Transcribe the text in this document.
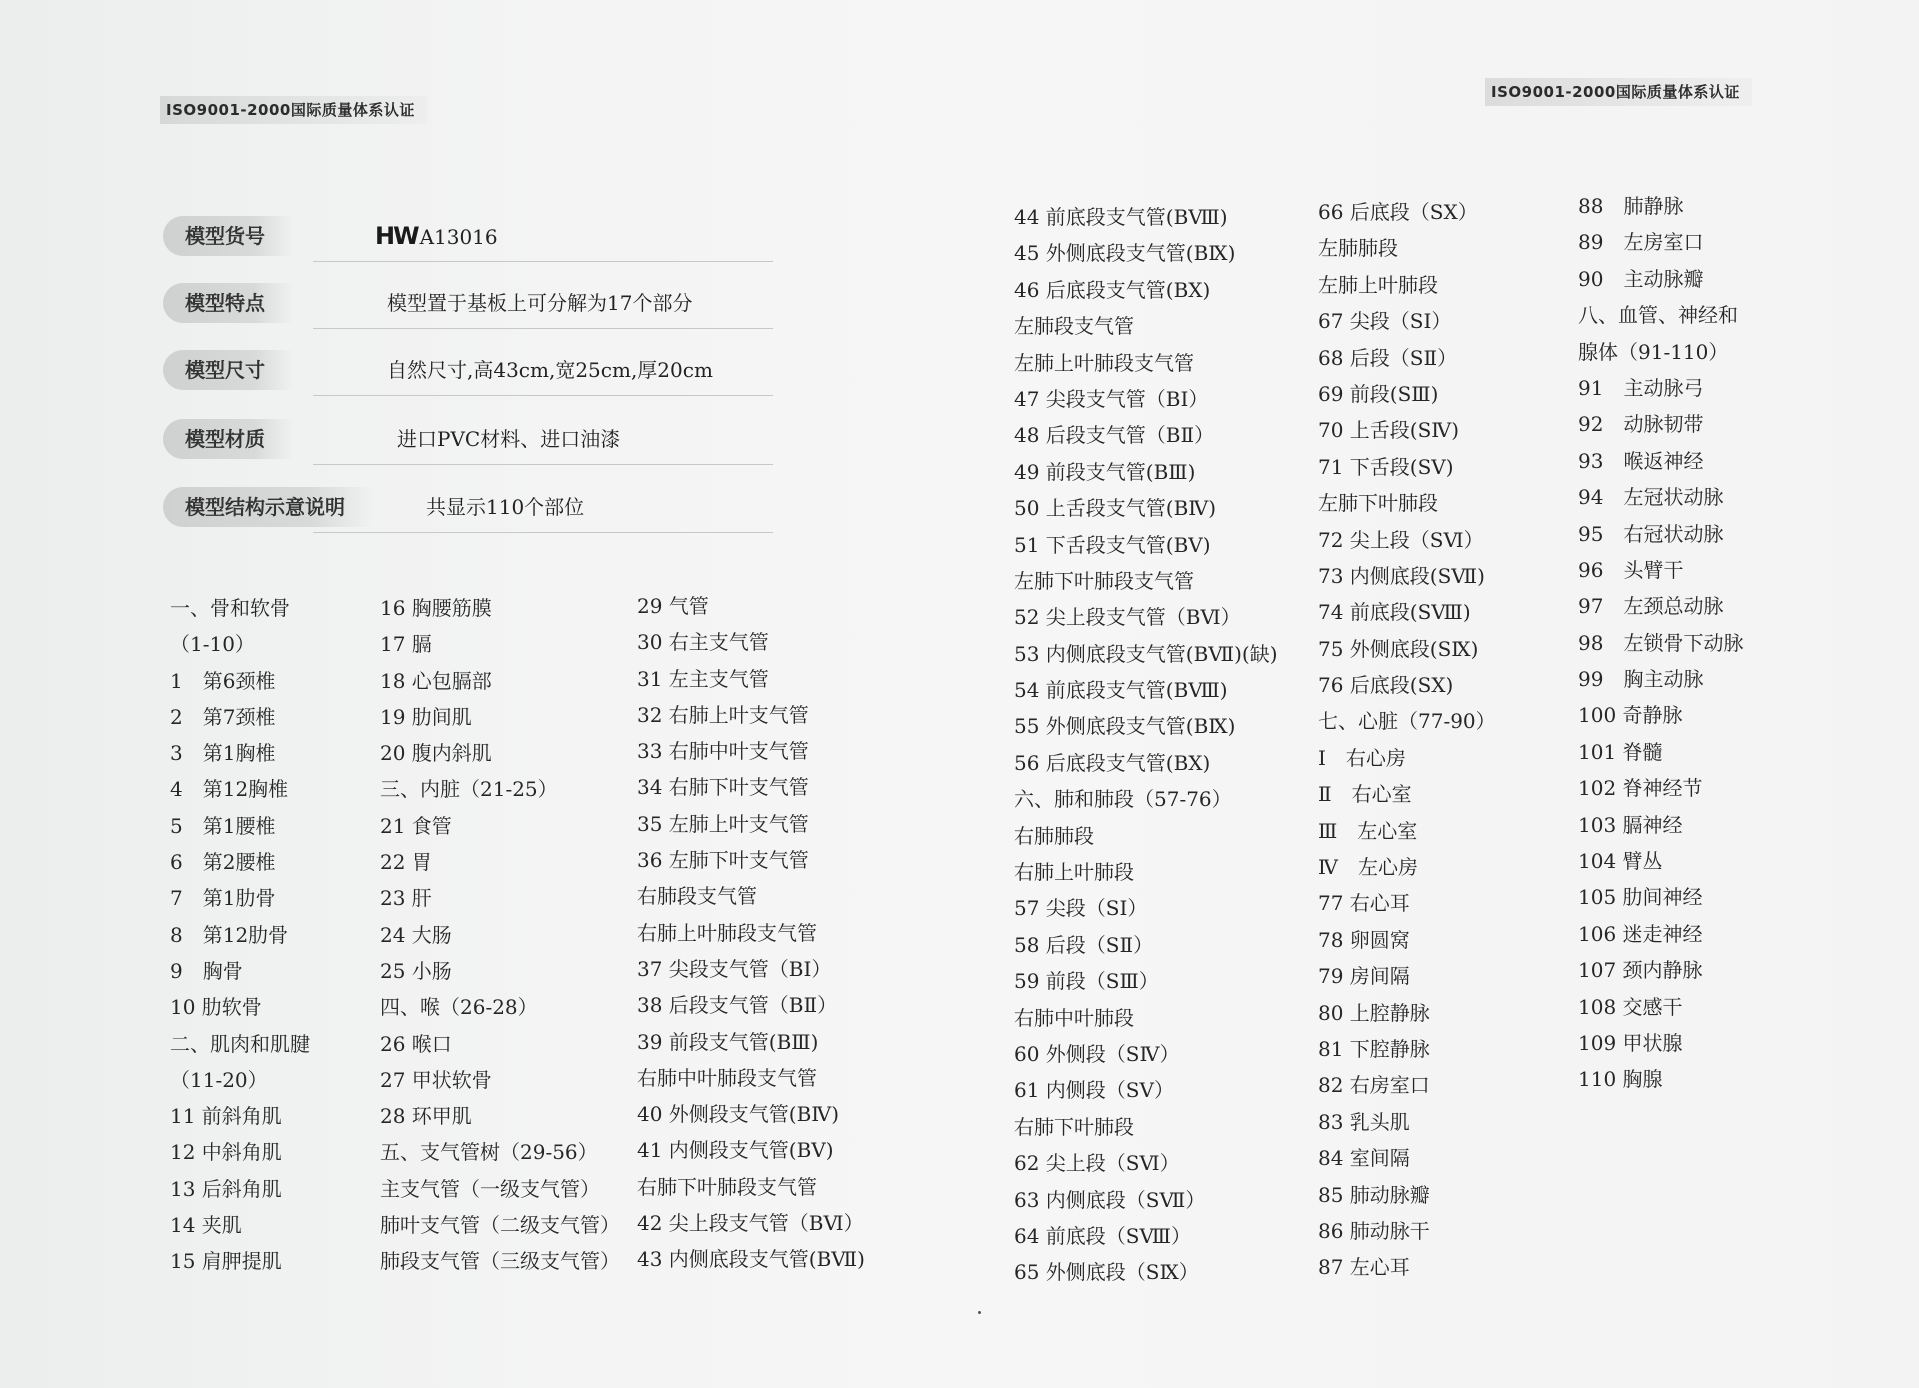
ISO9001-2000国际质量体系认证
ISO9001-2000国际质量体系认证
模型货号	HW A13016
模型特点	模型置于基板上可分解为17个部分
模型尺寸	自然尺寸,高43cm,宽25cm,厚20cm
模型材质	进口PVC材料、进口油漆
模型结构示意说明	共显示110个部位
一、骨和软骨
（1-10）
1　第6颈椎
2　第7颈椎
3　第1胸椎
4　第12胸椎
5　第1腰椎
6　第2腰椎
7　第1肋骨
8　第12肋骨
9　胸骨
10 肋软骨
二、肌肉和肌腱
（11-20）
11 前斜角肌
12 中斜角肌
13 后斜角肌
14 夹肌
15 肩胛提肌
16 胸腰筋膜
17 膈
18 心包膈部
19 肋间肌
20 腹内斜肌
三、内脏（21-25）
21 食管
22 胃
23 肝
24 大肠
25 小肠
四、喉（26-28）
26 喉口
27 甲状软骨
28 环甲肌
五、支气管树（29-56）
主支气管（一级支气管）
肺叶支气管（二级支气管）
肺段支气管（三级支气管）
29 气管
30 右主支气管
31 左主支气管
32 右肺上叶支气管
33 右肺中叶支气管
34 右肺下叶支气管
35 左肺上叶支气管
36 左肺下叶支气管
右肺段支气管
右肺上叶肺段支气管
37 尖段支气管（BⅠ）
38 后段支气管（BⅡ）
39 前段支气管(BⅢ)
右肺中叶肺段支气管
40 外侧段支气管(BⅣ)
41 内侧段支气管(BⅤ)
右肺下叶肺段支气管
42 尖上段支气管（BⅥ）
43 内侧底段支气管(BⅦ)
44 前底段支气管(BⅧ)
45 外侧底段支气管(BⅨ)
46 后底段支气管(BⅩ)
左肺段支气管
左肺上叶肺段支气管
47 尖段支气管（BⅠ）
48 后段支气管（BⅡ）
49 前段支气管(BⅢ)
50 上舌段支气管(BⅣ)
51 下舌段支气管(BⅤ)
左肺下叶肺段支气管
52 尖上段支气管（BⅥ）
53 内侧底段支气管(BⅦ)(缺)
54 前底段支气管(BⅧ)
55 外侧底段支气管(BⅨ)
56 后底段支气管(BⅩ)
六、肺和肺段（57-76）
右肺肺段
右肺上叶肺段
57 尖段（SⅠ）
58 后段（SⅡ）
59 前段（SⅢ）
右肺中叶肺段
60 外侧段（SⅣ）
61 内侧段（SⅤ）
右肺下叶肺段
62 尖上段（SⅥ）
63 内侧底段（SⅦ）
64 前底段（SⅧ）
65 外侧底段（SⅨ）
66 后底段（SⅩ）
左肺肺段
左肺上叶肺段
67 尖段（SⅠ）
68 后段（SⅡ）
69 前段(SⅢ)
70 上舌段(SⅣ)
71 下舌段(SⅤ)
左肺下叶肺段
72 尖上段（SⅥ）
73 内侧底段(SⅦ)
74 前底段(SⅧ)
75 外侧底段(SⅨ)
76 后底段(SⅩ)
七、心脏（77-90）
Ⅰ　右心房
Ⅱ　右心室
Ⅲ　左心室
Ⅳ　左心房
77 右心耳
78 卵圆窝
79 房间隔
80 上腔静脉
81 下腔静脉
82 右房室口
83 乳头肌
84 室间隔
85 肺动脉瓣
86 肺动脉干
87 左心耳
88　肺静脉
89　左房室口
90　主动脉瓣
八、血管、神经和
腺体（91-110）
91　主动脉弓
92　动脉韧带
93　喉返神经
94　左冠状动脉
95　右冠状动脉
96　头臂干
97　左颈总动脉
98　左锁骨下动脉
99　胸主动脉
100 奇静脉
101 脊髓
102 脊神经节
103 膈神经
104 臂丛
105 肋间神经
106 迷走神经
107 颈内静脉
108 交感干
109 甲状腺
110 胸腺
